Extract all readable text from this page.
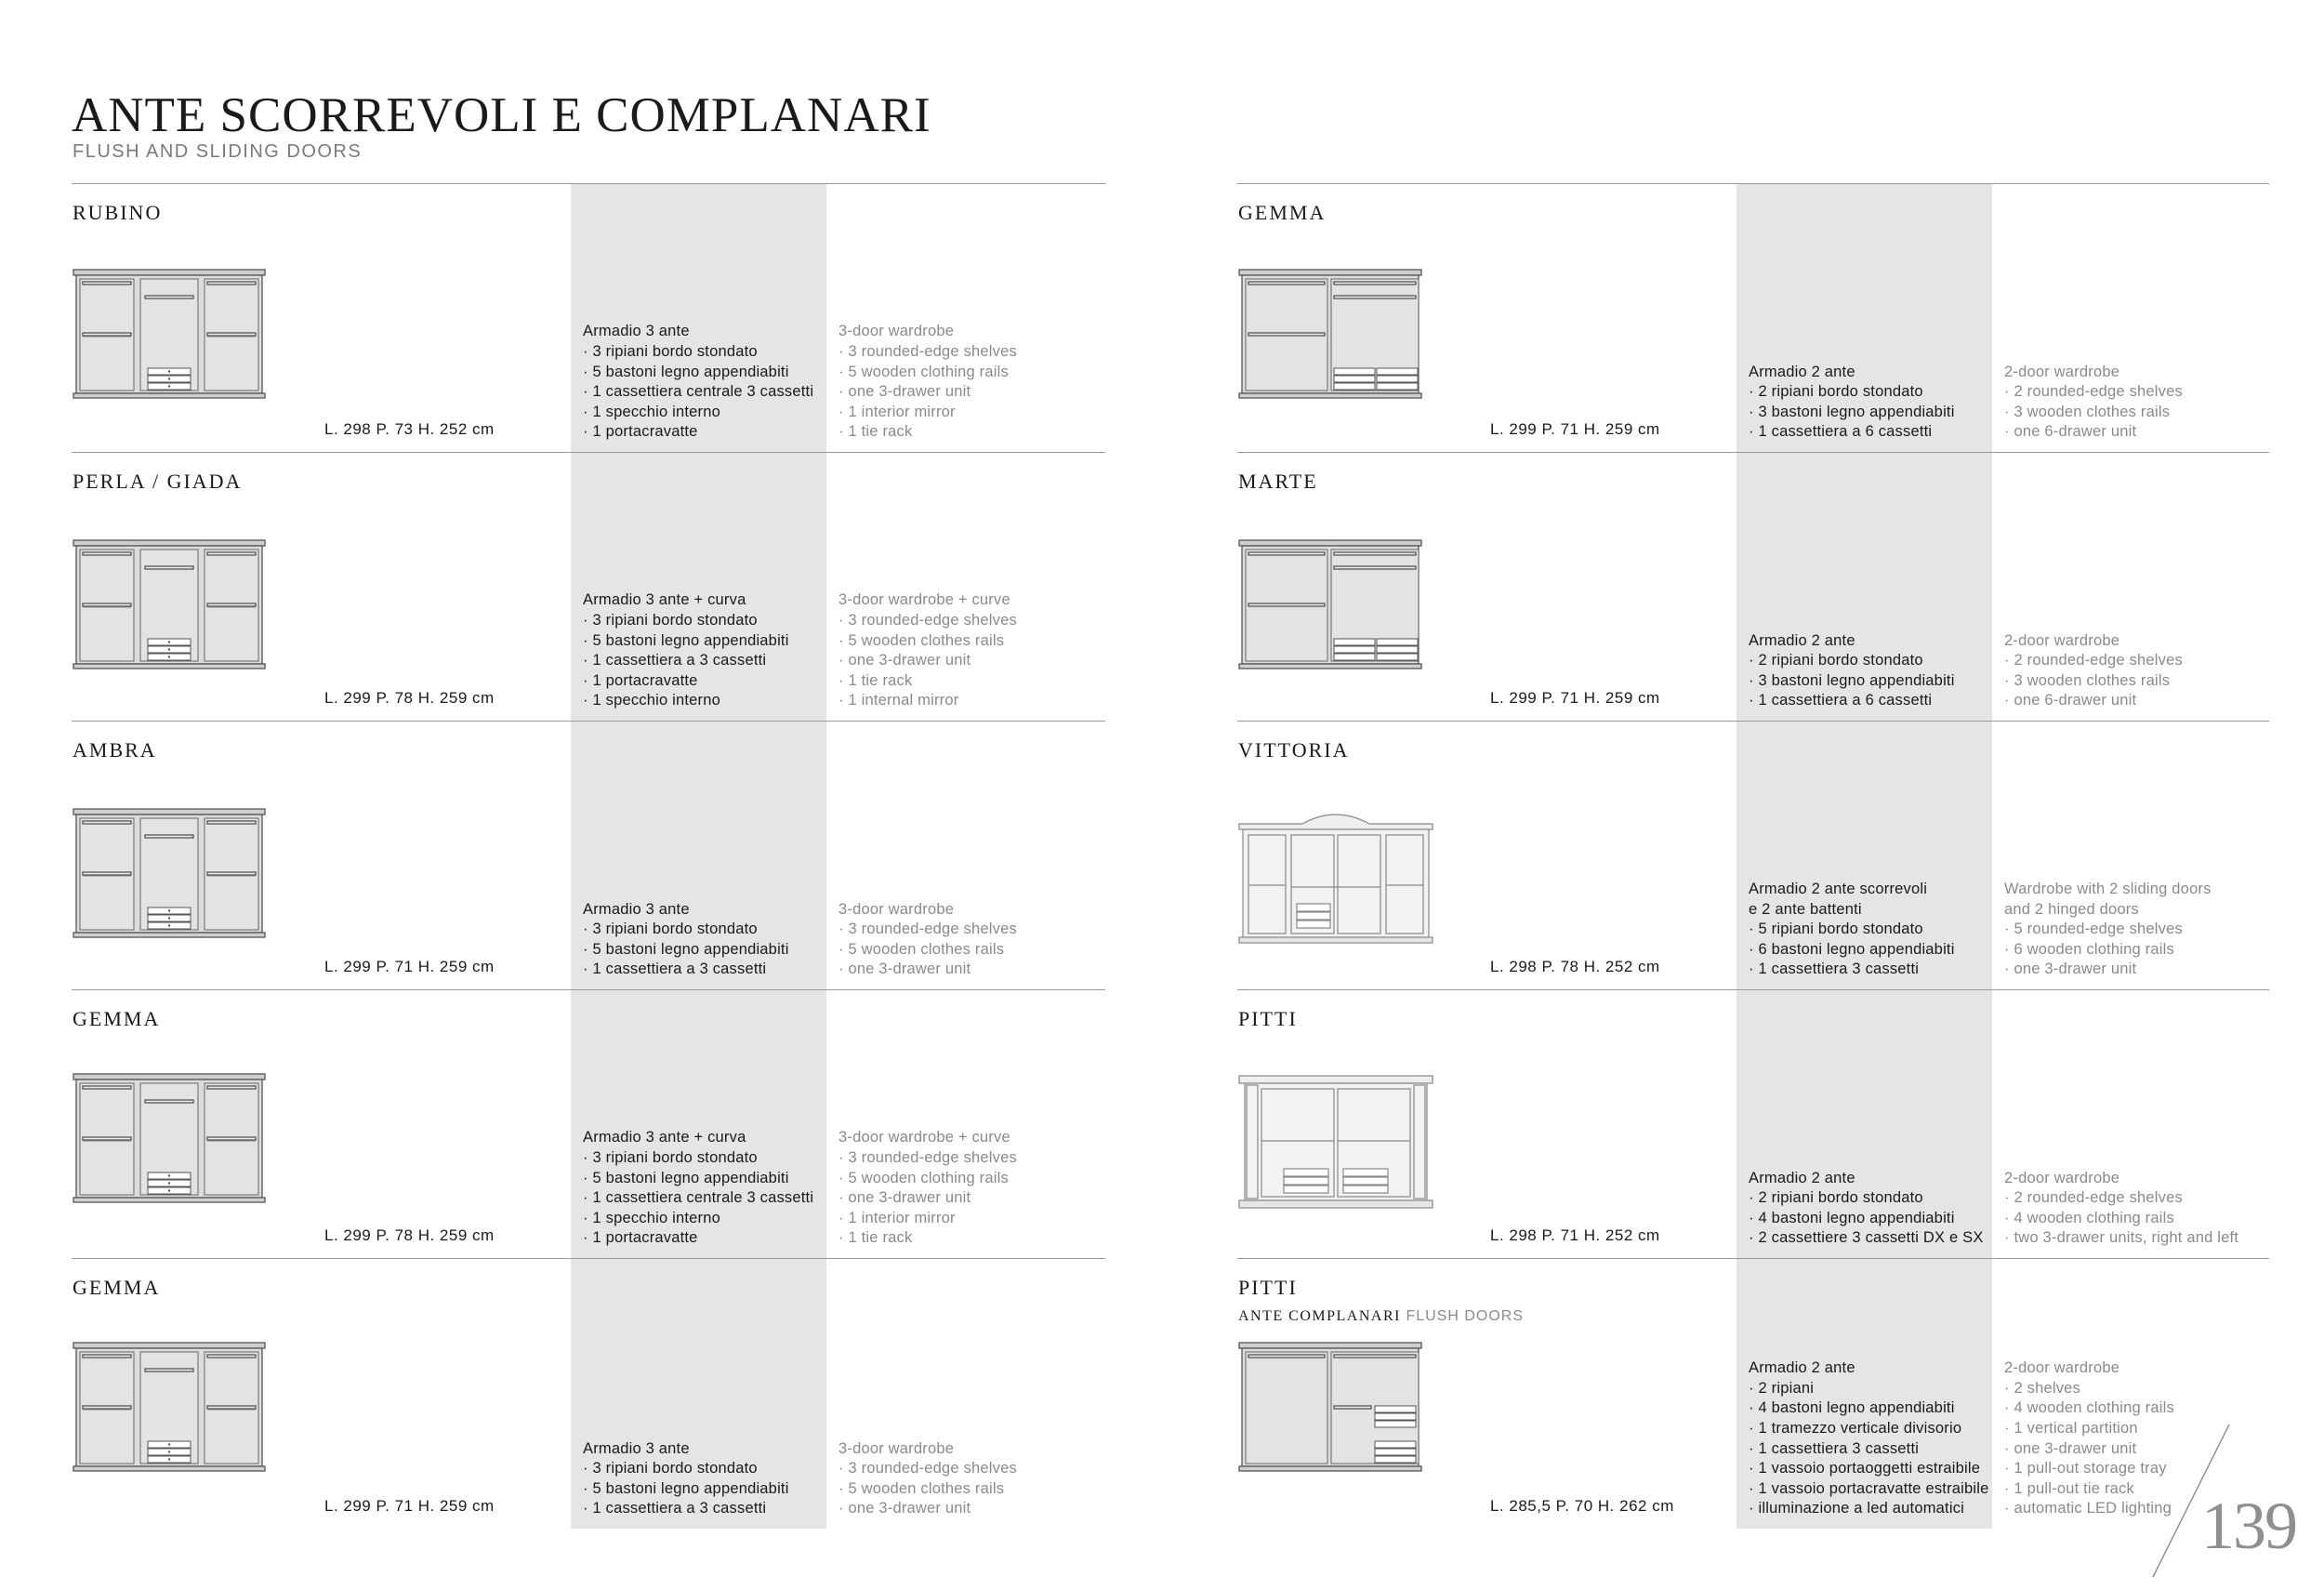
ANTE SCORREVOLI E COMPLANARI
FLUSH AND SLIDING DOORS
RUBINO
L. 298 P. 73 H. 252 cm
Armadio 3 ante
· 3 ripiani bordo stondato
· 5 bastoni legno appendiabiti
· 1 cassettiera centrale 3 cassetti
· 1 specchio interno
· 1 portacravatte
3-door wardrobe
· 3 rounded-edge shelves
· 5 wooden clothing rails
· one 3-drawer unit
· 1 interior mirror
· 1 tie rack
PERLA / GIADA
L. 299 P. 78 H. 259 cm
Armadio 3 ante + curva
· 3 ripiani bordo stondato
· 5 bastoni legno appendiabiti
· 1 cassettiera a 3 cassetti
· 1 portacravatte
· 1 specchio interno
3-door wardrobe + curve
· 3 rounded-edge shelves
· 5 wooden clothes rails
· one 3-drawer unit
· 1 tie rack
· 1 internal mirror
AMBRA
L. 299 P. 71 H. 259 cm
Armadio 3 ante
· 3 ripiani bordo stondato
· 5 bastoni legno appendiabiti
· 1 cassettiera a 3 cassetti
3-door wardrobe
· 3 rounded-edge shelves
· 5 wooden clothes rails
· one 3-drawer unit
GEMMA
L. 299 P. 78 H. 259 cm
Armadio 3 ante + curva
· 3 ripiani bordo stondato
· 5 bastoni legno appendiabiti
· 1 cassettiera centrale 3 cassetti
· 1 specchio interno
· 1 portacravatte
3-door wardrobe + curve
· 3 rounded-edge shelves
· 5 wooden clothing rails
· one 3-drawer unit
· 1 interior mirror
· 1 tie rack
GEMMA
L. 299 P. 71 H. 259 cm
Armadio 3 ante
· 3 ripiani bordo stondato
· 5 bastoni legno appendiabiti
· 1 cassettiera a 3 cassetti
3-door wardrobe
· 3 rounded-edge shelves
· 5 wooden clothes rails
· one 3-drawer unit
GEMMA
L. 299 P. 71 H. 259 cm
Armadio 2 ante
· 2 ripiani bordo stondato
· 3 bastoni legno appendiabiti
· 1 cassettiera a 6 cassetti
2-door wardrobe
· 2 rounded-edge shelves
· 3 wooden clothes rails
· one 6-drawer unit
MARTE
L. 299 P. 71 H. 259 cm
Armadio 2 ante
· 2 ripiani bordo stondato
· 3 bastoni legno appendiabiti
· 1 cassettiera a 6 cassetti
2-door wardrobe
· 2 rounded-edge shelves
· 3 wooden clothes rails
· one 6-drawer unit
VITTORIA
L. 298 P. 78 H. 252 cm
Armadio 2 ante scorrevoli
e 2 ante battenti
· 5 ripiani bordo stondato
· 6 bastoni legno appendiabiti
· 1 cassettiera 3 cassetti
Wardrobe with 2 sliding doors
and 2 hinged doors
· 5 rounded-edge shelves
· 6 wooden clothing rails
· one 3-drawer unit
PITTI
L. 298 P. 71 H. 252 cm
Armadio 2 ante
· 2 ripiani bordo stondato
· 4 bastoni legno appendiabiti
· 2 cassettiere 3 cassetti DX e SX
2-door wardrobe
· 2 rounded-edge shelves
· 4 wooden clothing rails
· two 3-drawer units, right and left
PITTI
ANTE COMPLANARI FLUSH DOORS
L. 285,5 P. 70 H. 262 cm
Armadio 2 ante
· 2 ripiani
· 4 bastoni legno appendiabiti
· 1 tramezzo verticale divisorio
· 1 cassettiera 3 cassetti
· 1 vassoio portaoggetti estraibile
· 1 vassoio portacravatte estraibile
· illuminazione a led automatici
2-door wardrobe
· 2 shelves
· 4 wooden clothing rails
· 1 vertical partition
· one 3-drawer unit
· 1 pull-out storage tray
· 1 pull-out tie rack
· automatic LED lighting 139
